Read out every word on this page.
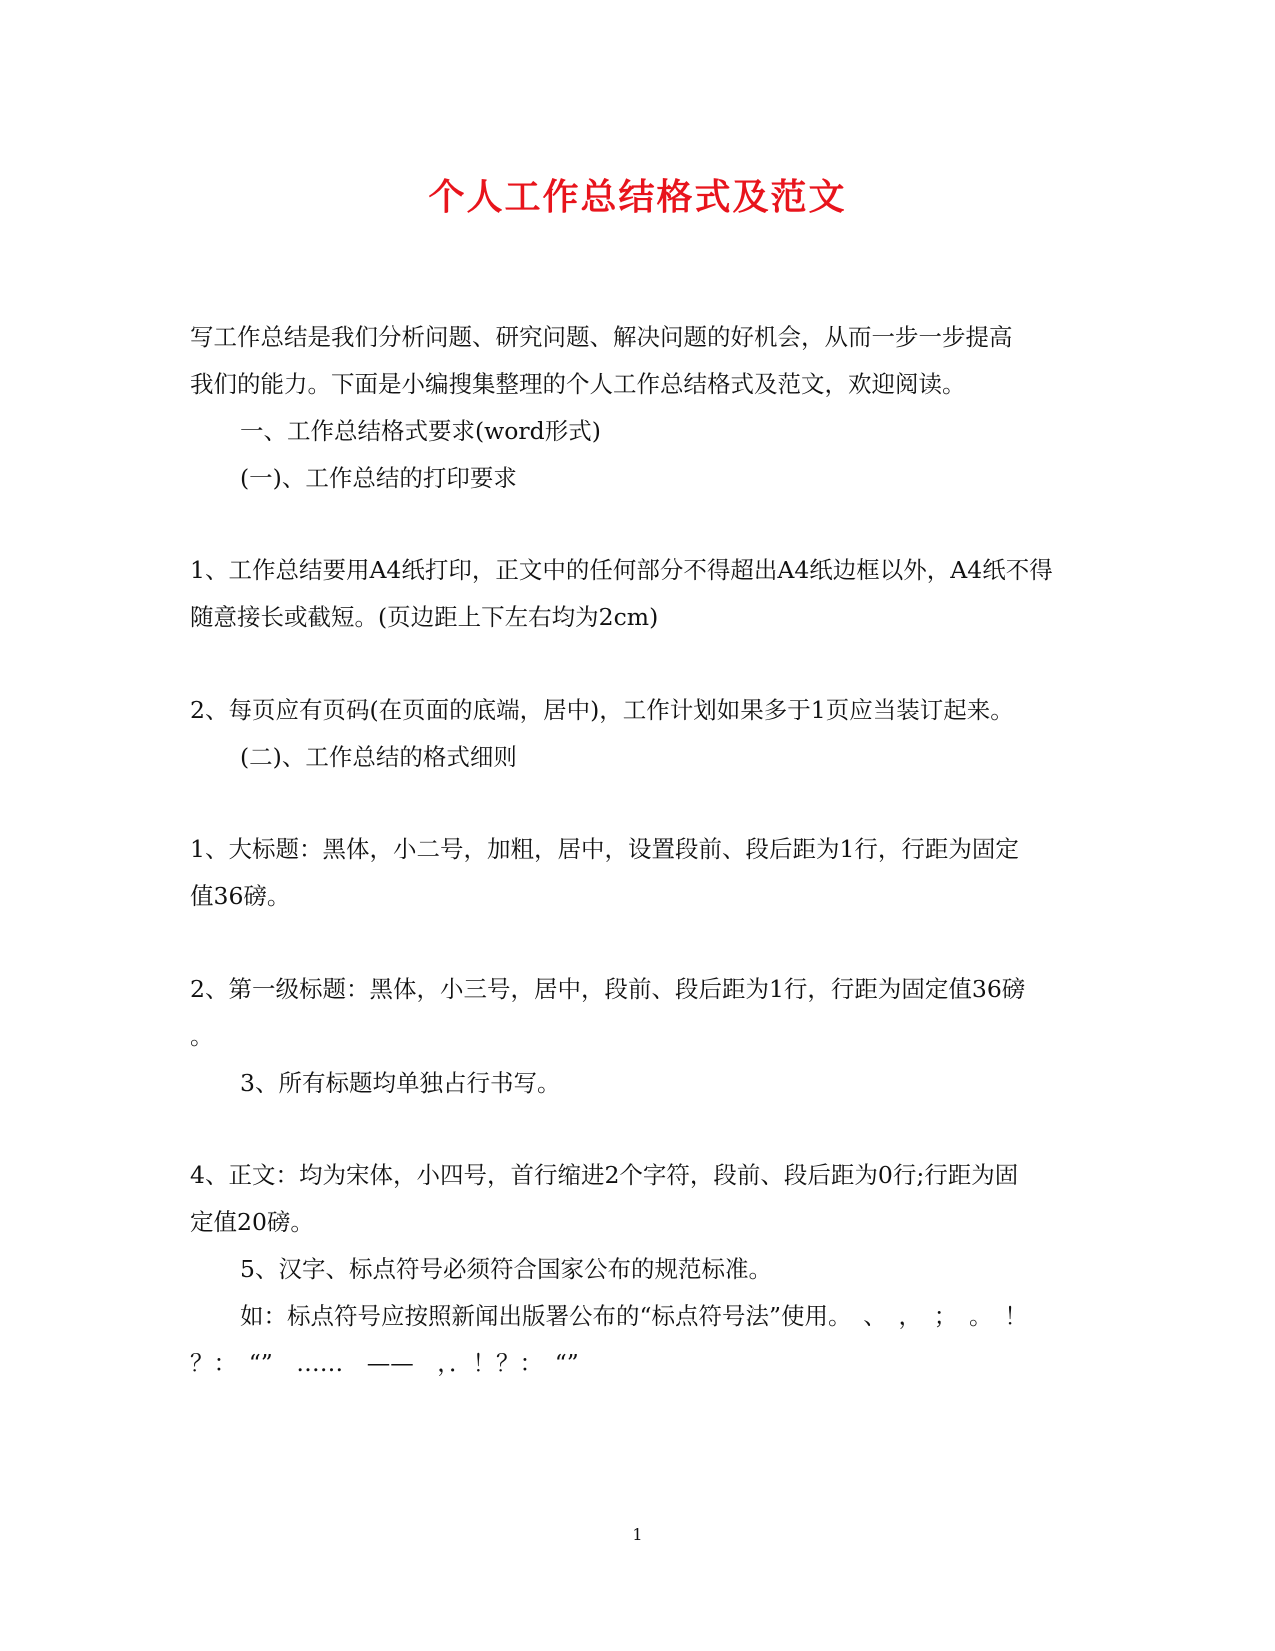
个人工作总结格式及范文
写工作总结是我们分析问题、研究问题、解决问题的好机会，从而一步一步提高
我们的能力。下面是小编搜集整理的个人工作总结格式及范文，欢迎阅读。
一、工作总结格式要求(word形式)
(一)、工作总结的打印要求
1、工作总结要用A4纸打印，正文中的任何部分不得超出A4纸边框以外，A4纸不得
随意接长或截短。(页边距上下左右均为2cm)
2、每页应有页码(在页面的底端，居中)，工作计划如果多于1页应当装订起来。
(二)、工作总结的格式细则
1、大标题：黑体，小二号，加粗，居中，设置段前、段后距为1行，行距为固定
值36磅。
2、第一级标题：黑体，小三号，居中，段前、段后距为1行，行距为固定值36磅
。
3、所有标题均单独占行书写。
4、正文：均为宋体，小四号，首行缩进2个字符，段前、段后距为0行;行距为固
定值20磅。
5、汉字、标点符号必须符合国家公布的规范标准。
如：标点符号应按照新闻出版署公布的“标点符号法”使用。　、　，　；　。　！
？：　“”　……　——　，．！？：　“”
1
